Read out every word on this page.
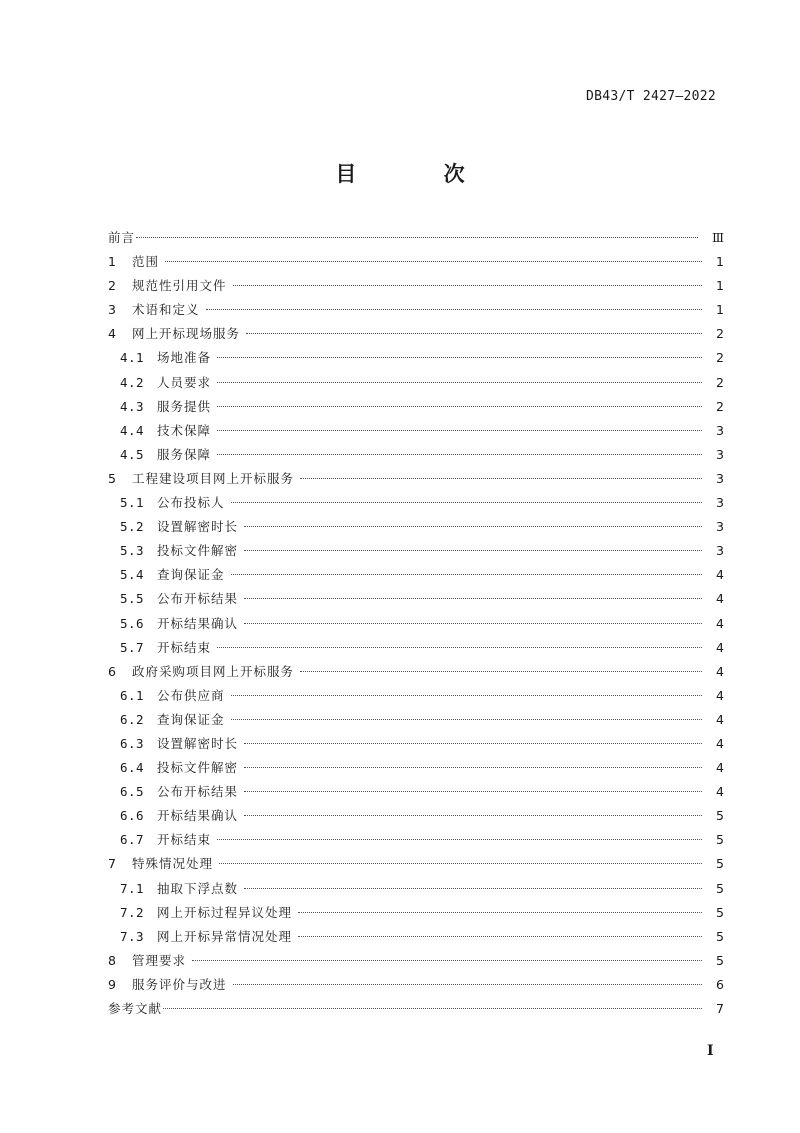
DB43/T 2427—2022
目 次
前言	Ⅲ
1	范围	1
2	规范性引用文件	1
3	术语和定义	1
4	网上开标现场服务	2
4.1	场地准备	2
4.2	人员要求	2
4.3	服务提供	2
4.4	技术保障	3
4.5	服务保障	3
5	工程建设项目网上开标服务	3
5.1	公布投标人	3
5.2	设置解密时长	3
5.3	投标文件解密	3
5.4	查询保证金	4
5.5	公布开标结果	4
5.6	开标结果确认	4
5.7	开标结束	4
6	政府采购项目网上开标服务	4
6.1	公布供应商	4
6.2	查询保证金	4
6.3	设置解密时长	4
6.4	投标文件解密	4
6.5	公布开标结果	4
6.6	开标结果确认	5
6.7	开标结束	5
7	特殊情况处理	5
7.1	抽取下浮点数	5
7.2	网上开标过程异议处理	5
7.3	网上开标异常情况处理	5
8	管理要求	5
9	服务评价与改进	6
参考文献	7
I
